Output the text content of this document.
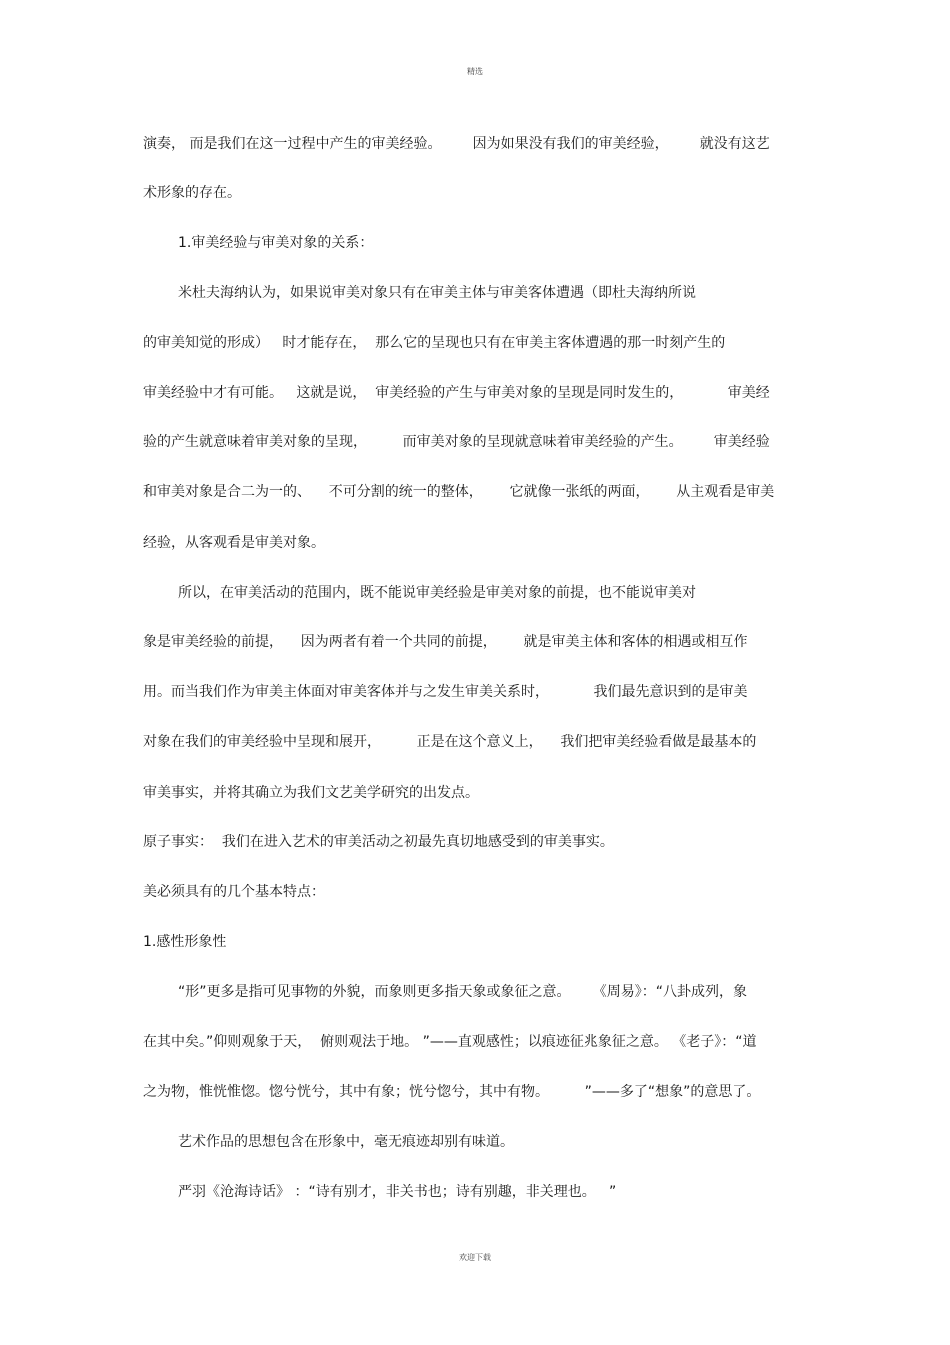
精选
演奏， 而是我们在这一过程中产生的审美经验。       因为如果没有我们的审美经验，       就没有这艺
术形象的存在。
1.审美经验与审美对象的关系：
米杜夫海纳认为，如果说审美对象只有在审美主体与审美客体遭遇（即杜夫海纳所说
的审美知觉的形成）   时才能存在，  那么它的呈现也只有在审美主客体遭遇的那一时刻产生的
审美经验中才有可能。   这就是说，  审美经验的产生与审美对象的呈现是同时发生的，          审美经
验的产生就意味着审美对象的呈现，        而审美对象的呈现就意味着审美经验的产生。       审美经验
和审美对象是合二为一的、    不可分割的统一的整体，      它就像一张纸的两面，      从主观看是审美
经验，从客观看是审美对象。
所以，在审美活动的范围内，既不能说审美经验是审美对象的前提，也不能说审美对
象是审美经验的前提，    因为两者有着一个共同的前提，      就是审美主体和客体的相遇或相互作
用。而当我们作为审美主体面对审美客体并与之发生审美关系时，          我们最先意识到的是审美
对象在我们的审美经验中呈现和展开，        正是在这个意义上，    我们把审美经验看做是最基本的
审美事实，并将其确立为我们文艺美学研究的出发点。
原子事实：  我们在进入艺术的审美活动之初最先真切地感受到的审美事实。
美必须具有的几个基本特点：
1.感性形象性
“形”更多是指可见事物的外貌，而象则更多指天象或象征之意。     《周易》：“八卦成列，象
在其中矣。”仰则观象于天，  俯则观法于地。 ”——直观感性；以痕迹征兆象征之意。 《老子》：“道
之为物，惟恍惟惚。惚兮恍兮，其中有象；恍兮惚兮，其中有物。        ”——多了“想象”的意思了。
艺术作品的思想包含在形象中，毫无痕迹却别有味道。
严羽《沧海诗话》 ：“诗有别才，非关书也；诗有别趣，非关理也。   ”
欢迎下载
